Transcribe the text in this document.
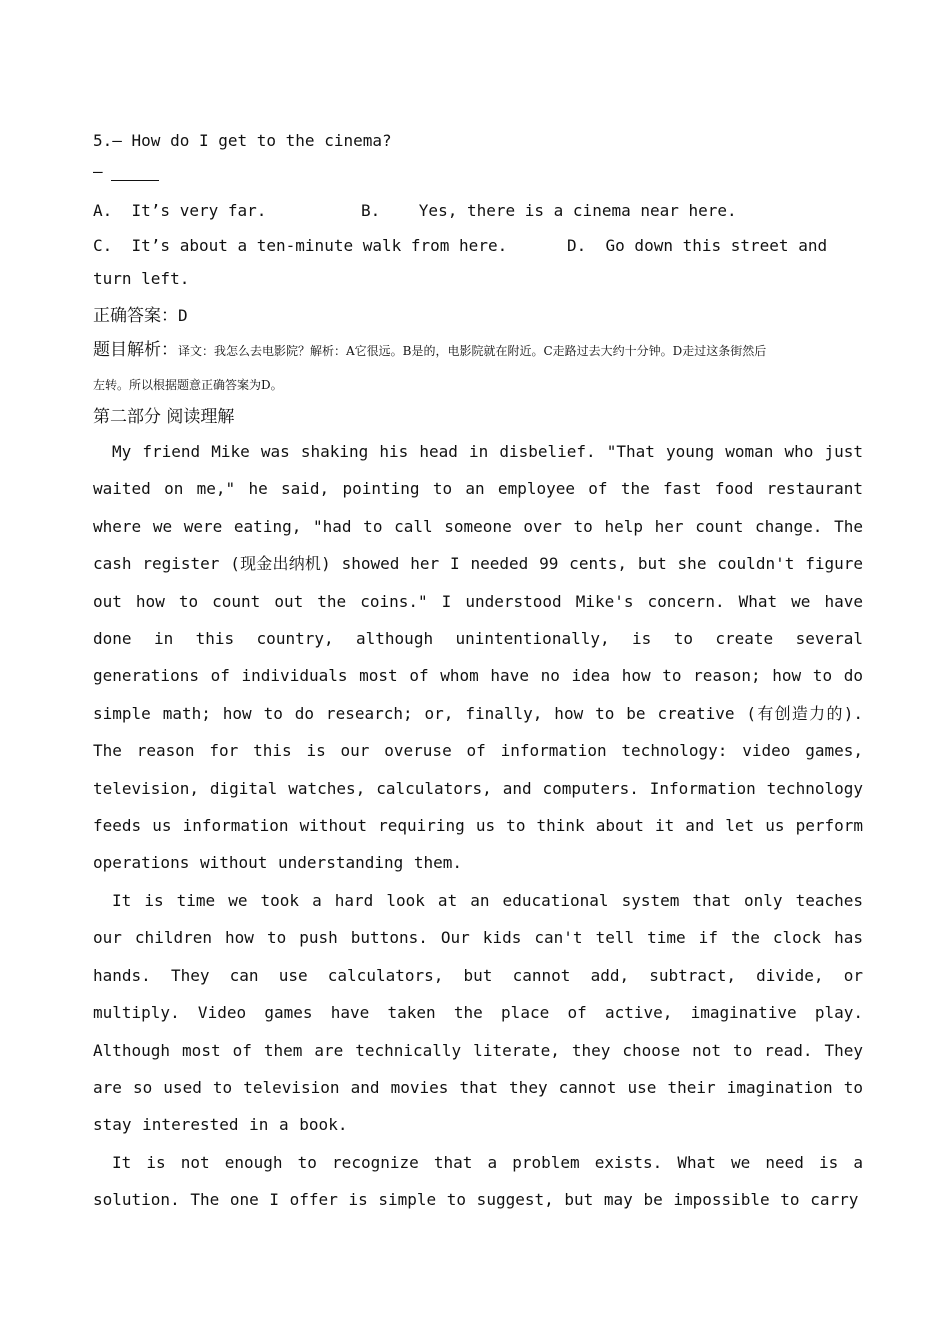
5.— How do I get to the cinema?
—
A.  It’s very far.	B.    Yes, there is a cinema near here.
C.  It’s about a ten-minute walk from here.	D.  Go down this street and
turn left.
正确答案：D
题目解析：译文：我怎么去电影院？解析：A它很远。B是的，电影院就在附近。C走路过去大约十分钟。D走过这条街然后
左转。所以根据题意正确答案为D。
第二部分 阅读理解

My friend Mike was shaking his head in disbelief. "That young woman who just waited on me," he said, pointing to an employee of the fast food restaurant where we were eating, "had to call someone over to help her count change. The cash register (现金出纳机) showed her I needed 99 cents, but she couldn't figure out how to count out the coins." I understood Mike's concern. What we have done in this country, although unintentionally, is to create several generations of individuals most of whom have no idea how to reason; how to do simple math; how to do research; or, finally, how to be creative (有创造力的). The reason for this is our overuse of information technology: video games, television, digital watches, calculators, and computers. Information technology feeds us information without requiring us to think about it and let us perform operations without understanding them.

It is time we took a hard look at an educational system that only teaches our children how to push buttons. Our kids can't tell time if the clock has hands. They can use calculators, but cannot add, subtract, divide, or multiply. Video games have taken the place of active, imaginative play. Although most of them are technically literate, they choose not to read. They are so used to television and movies that they cannot use their imagination to stay interested in a book.

It is not enough to recognize that a problem exists. What we need is a solution. The one I offer is simple to suggest, but may be impossible to carry
